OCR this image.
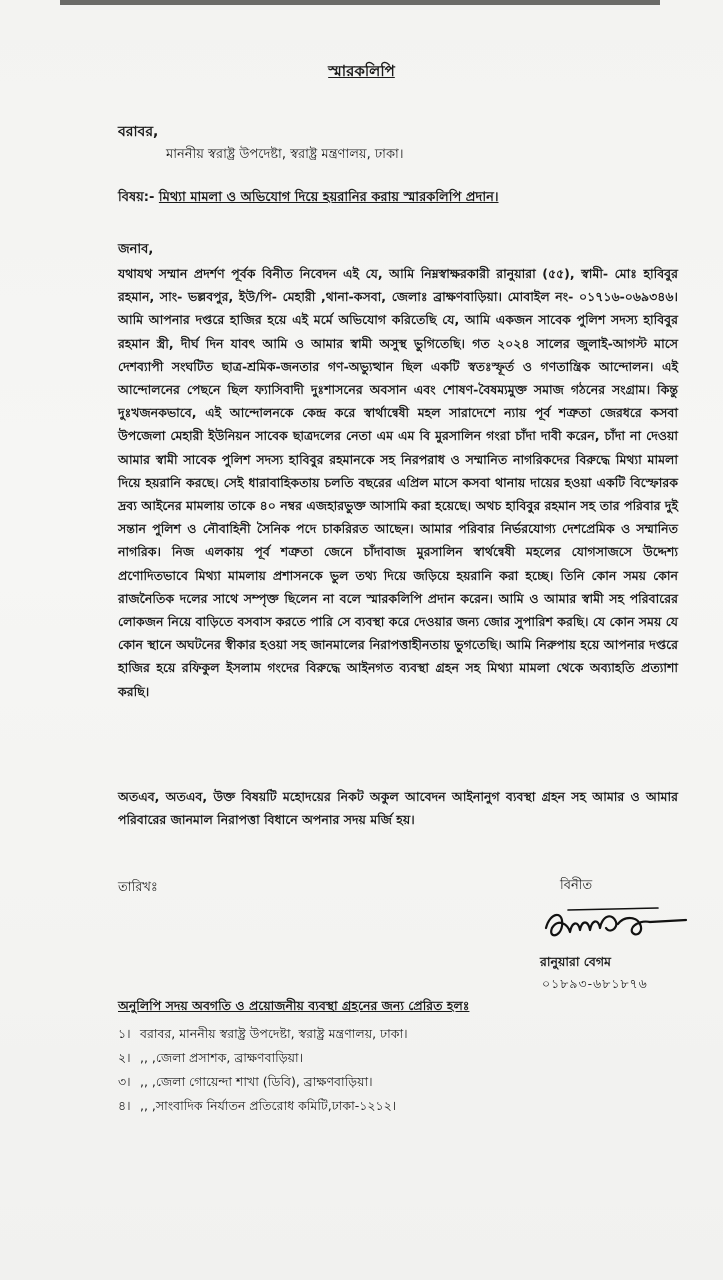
স্মারকলিপি
বরাবর,
মাননীয় স্বরাষ্ট্র উপদেষ্টা, স্বরাষ্ট্র মন্ত্রণালয়, ঢাকা।
বিষয়:- মিথ্যা মামলা ও অভিযোগ দিয়ে হয়রানির করায় স্মারকলিপি প্রদান।
জনাব,
যথাযথ সম্মান প্রদর্শণ পূর্বক বিনীত নিবেদন এই যে, আমি নিম্নস্বাক্ষরকারী রানুয়ারা (৫৫), স্বামী- মোঃ হাবিবুর রহমান, সাং- ভল্লবপুর, ইউ/পি- মেহারী ,থানা-কসবা, জেলাঃ ব্রাক্ষণবাড়িয়া। মোবাইল নং- ০১৭১৬-০৬৯৩৪৬। আমি আপনার দপ্তরে হাজির হয়ে এই মর্মে অভিযোগ করিতেছি যে, আমি একজন সাবেক পুলিশ সদস্য হাবিবুর রহমান স্ত্রী, দীর্ঘ দিন যাবৎ আমি ও আমার স্বামী অসুস্থ ভুগিতেছি। গত ২০২৪ সালের জুলাই-আগস্ট মাসে দেশব্যাপী সংঘটিত ছাত্র-শ্রমিক-জনতার গণ-অভ্যুত্থান ছিল একটি স্বতঃস্ফূর্ত ও গণতান্ত্রিক আন্দোলন। এই আন্দোলনের পেছনে ছিল ফ্যাসিবাদী দুঃশাসনের অবসান এবং শোষণ-বৈষম্যমুক্ত সমাজ গঠনের সংগ্রাম। কিন্তু দুঃখজনকভাবে, এই আন্দোলনকে কেন্দ্র করে স্বার্থান্বেষী মহল সারাদেশে ন্যায় পূর্ব শত্রুতা জেরধরে কসবা উপজেলা মেহারী ইউনিয়ন সাবেক ছাত্রদলের নেতা এম এম বি মুরসালিন গংরা চাঁদা দাবী করেন, চাঁদা না দেওয়া আমার স্বামী সাবেক পুলিশ সদস্য হাবিবুর রহমানকে সহ নিরপরাধ ও সম্মানিত নাগরিকদের বিরুদ্ধে মিথ্যা মামলা দিয়ে হয়রানি করছে। সেই ধারাবাহিকতায় চলতি বছরের এপ্রিল মাসে কসবা থানায় দায়ের হওয়া একটি বিস্ফোরক দ্রব্য আইনের মামলায় তাকে ৪০ নম্বর এজহারভুক্ত আসামি করা হয়েছে। অথচ হাবিবুর রহমান সহ তার পরিবার দুই সন্তান পুলিশ ও নৌবাহিনী সৈনিক পদে চাকরিরত আছেন। আমার পরিবার নির্ভরযোগ্য দেশপ্রেমিক ও সম্মানিত নাগরিক। নিজ এলকায় পূর্ব শত্রুতা জেনে চাঁদাবাজ মুরসালিন স্বার্থন্বেষী মহলের যোগসাজসে উদ্দেশ্য প্রণোদিতভাবে মিথ্যা মামলায় প্রশাসনকে ভুল তথ্য দিয়ে জড়িয়ে হয়রানি করা হচ্ছে। তিনি কোন সময় কোন রাজনৈতিক দলের সাথে সম্পৃক্ত ছিলেন না বলে স্মারকলিপি প্রদান করেন। আমি ও আমার স্বামী সহ পরিবারের লোকজন নিয়ে বাড়িতে বসবাস করতে পারি সে ব্যবস্থা করে দেওয়ার জন্য জোর সুপারিশ করছি। যে কোন সময় যে কোন স্থানে অঘটনের স্বীকার হওয়া সহ জানমালের নিরাপত্তাহীনতায় ভুগতেছি। আমি নিরুপায় হয়ে আপনার দপ্তরে হাজির হয়ে রফিকুল ইসলাম গংদের বিরুদ্ধে আইনগত ব্যবস্থা গ্রহন সহ মিথ্যা মামলা থেকে অব্যাহতি প্রত্যাশা করছি।
অতএব, অতএব, উক্ত বিষয়টি মহোদয়ের নিকট অকুল আবেদন আইনানুগ ব্যবস্থা গ্রহন সহ আমার ও আমার পরিবারের জানমাল নিরাপত্তা বিধানে অপনার সদয় মর্জি হয়।
তারিখঃ	বিনীত
রানুয়ারা বেগম
০১৮৯৩-৬৮১৮৭৬
অনুলিপি সদয় অবগতি ও প্রয়োজনীয় ব্যবস্থা গ্রহনের জন্য প্রেরিত হলঃ
১। বরাবর, মাননীয় স্বরাষ্ট্র উপদেষ্টা, স্বরাষ্ট্র মন্ত্রণালয়, ঢাকা।
২। ,, ,জেলা প্রসাশক, ব্রাক্ষণবাড়িয়া।
৩। ,, ,জেলা গোয়েন্দা শাখা (ডিবি), ব্রাক্ষণবাড়িয়া।
৪। ,, ,সাংবাদিক নির্যাতন প্রতিরোধ কমিটি,ঢাকা-১২১২।
